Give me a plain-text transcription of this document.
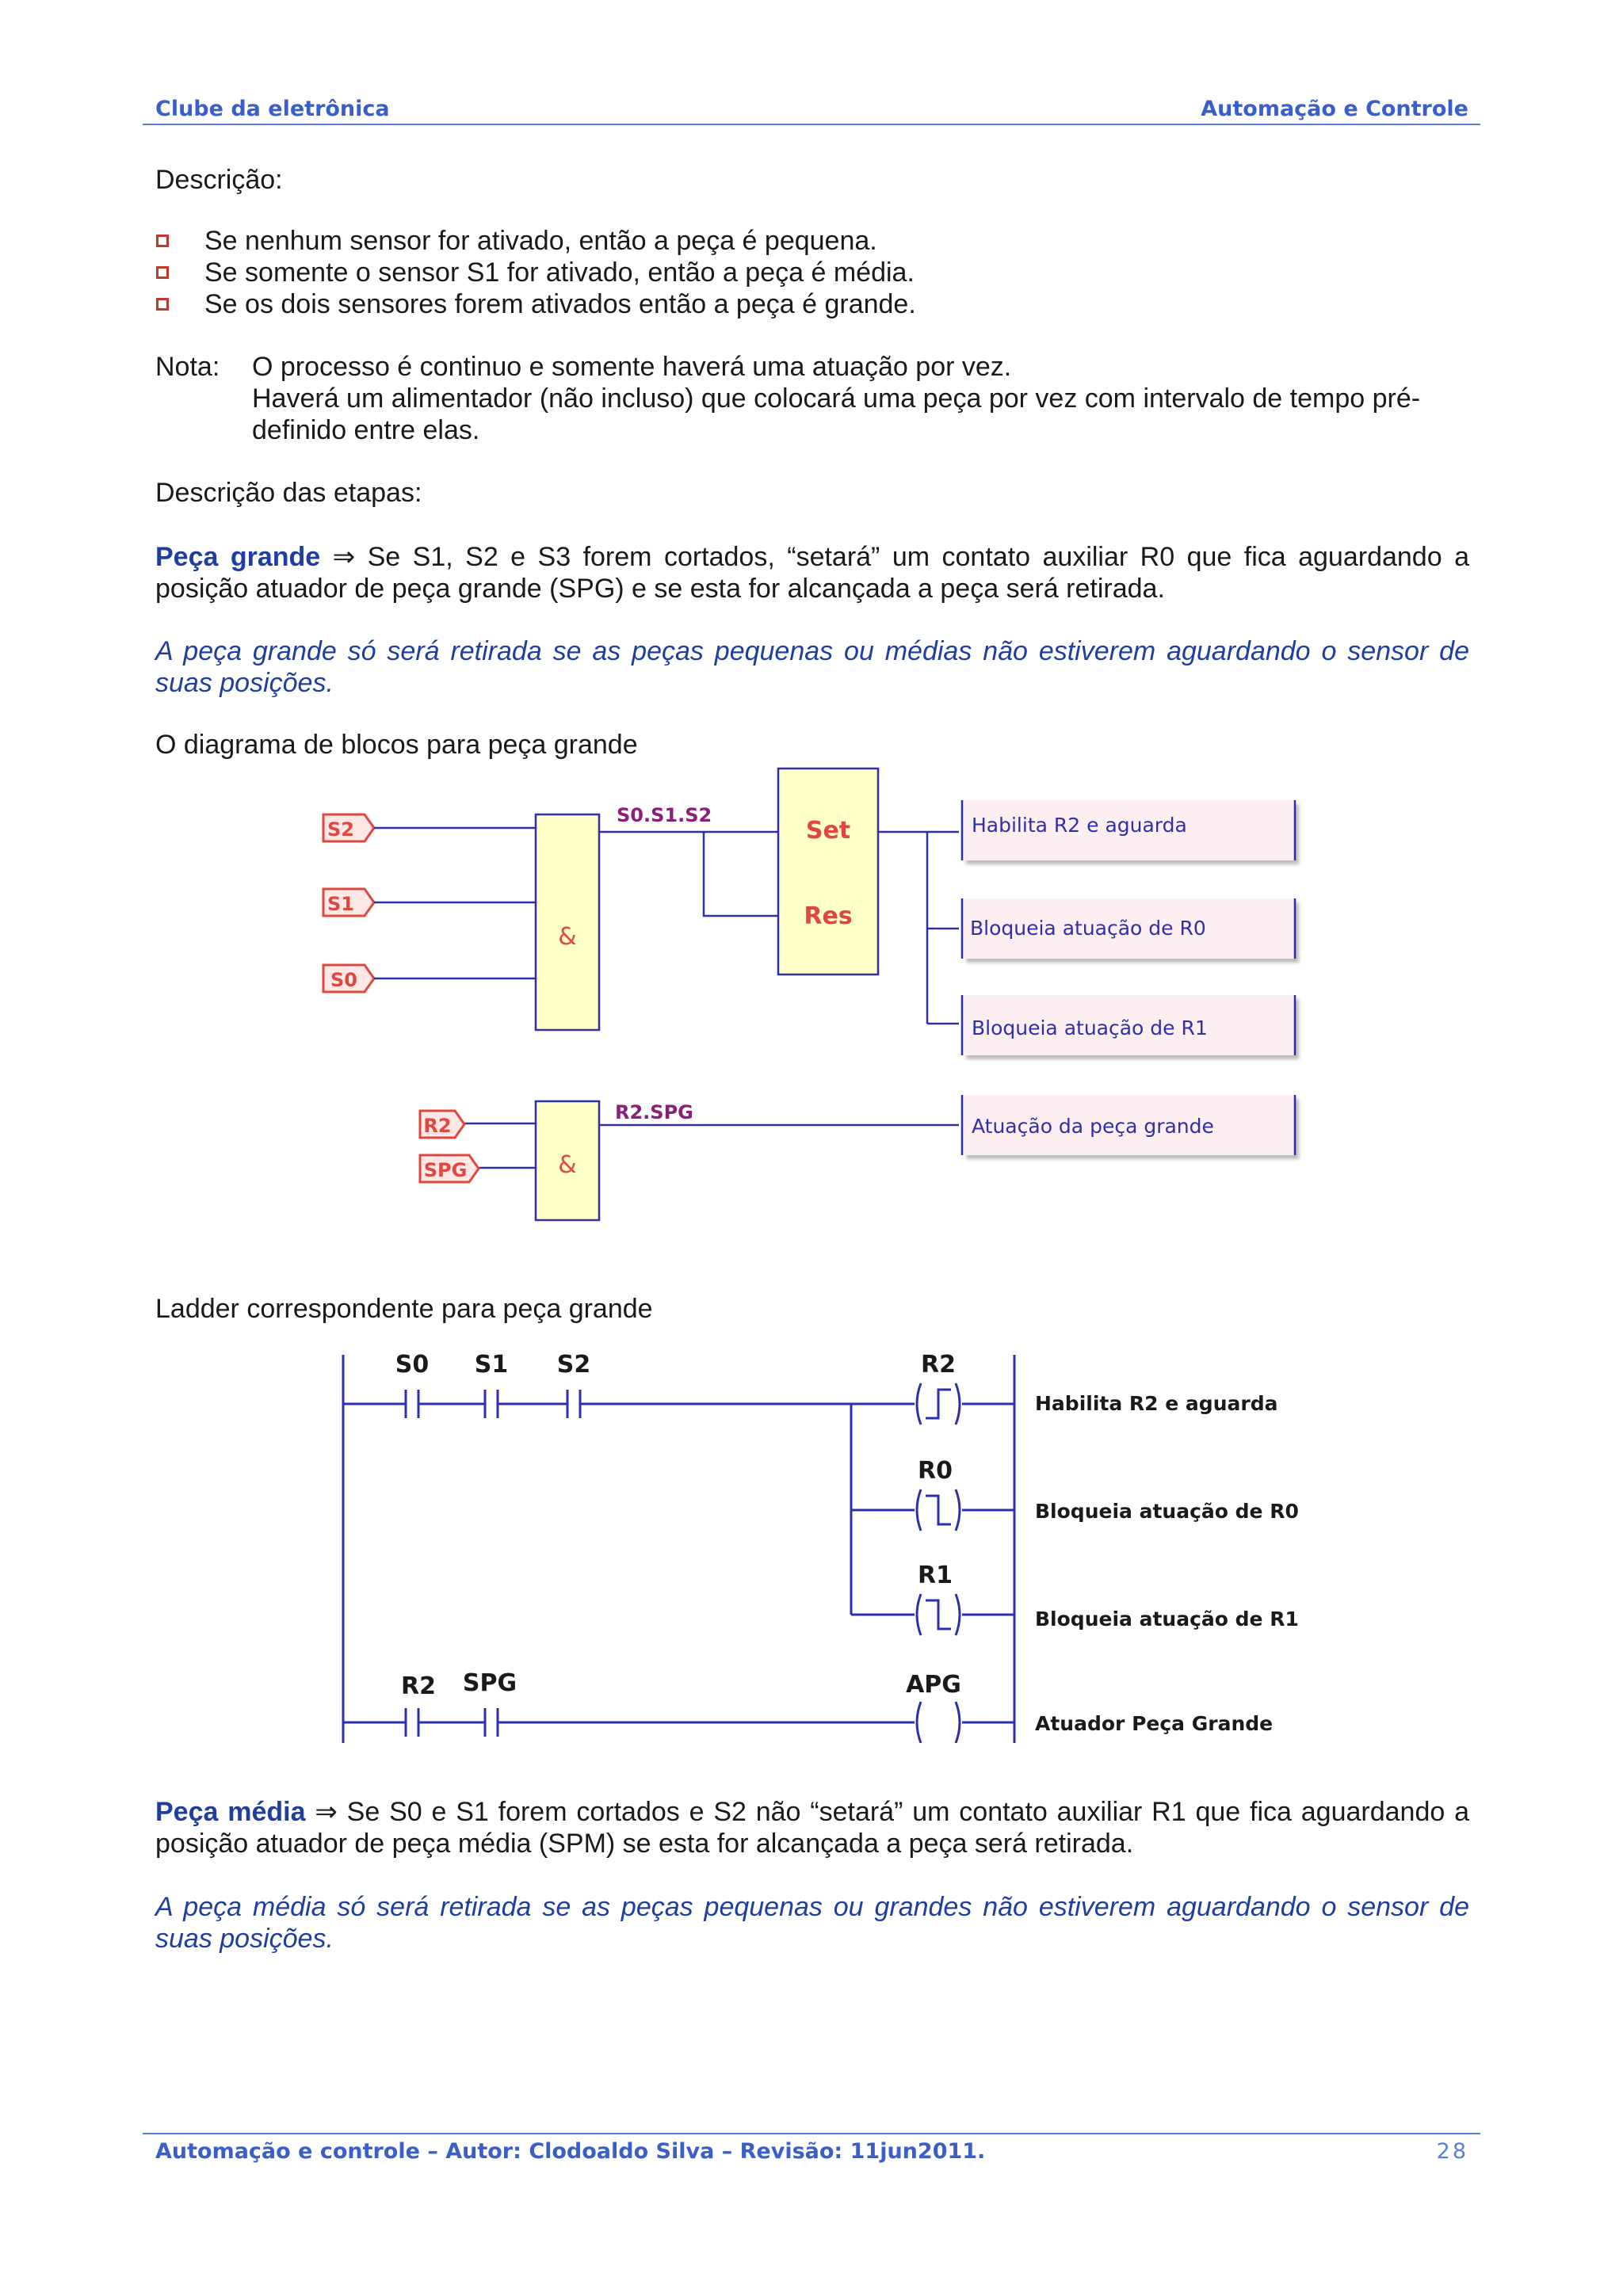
Clube da eletrônica	Automação e Controle
Descrição:
Se nenhum sensor for ativado, então a peça é pequena.
Se somente o sensor S1 for ativado, então a peça é média.
Se os dois sensores forem ativados então a peça é grande.
Nota: O processo é continuo e somente haverá uma atuação por vez.
Haverá um alimentador (não incluso) que colocará uma peça por vez com intervalo de tempo pré-definido entre elas.
Descrição das etapas:
Peça grande ⇒ Se S1, S2 e S3 forem cortados, “setará” um contato auxiliar R0 que fica aguardando a posição atuador de peça grande (SPG) e se esta for alcançada a peça será retirada.
A peça grande só será retirada se as peças pequenas ou médias não estiverem aguardando o sensor de suas posições.
O diagrama de blocos para peça grande
S2
S1
S0
&
S0.S1.S2
Set
Res
Habilita R2 e aguarda
Bloqueia atuação de R0
Bloqueia atuação de R1
R2
SPG	&
R2.SPG
Atuação da peça grande
Ladder correspondente para peça grande
S0 S1 S2	R2
R0
R1
R2 SPG	APG
Habilita R2 e aguarda
Bloqueia atuação de R0
Bloqueia atuação de R1
Atuador Peça Grande
Peça média ⇒ Se S0 e S1 forem cortados e S2 não “setará” um contato auxiliar R1 que fica aguardando a posição atuador de peça média (SPM) se esta for alcançada a peça será retirada.
A peça média só será retirada se as peças pequenas ou grandes não estiverem aguardando o sensor de suas posições.
Automação e controle – Autor: Clodoaldo Silva – Revisão: 11jun2011.	28
